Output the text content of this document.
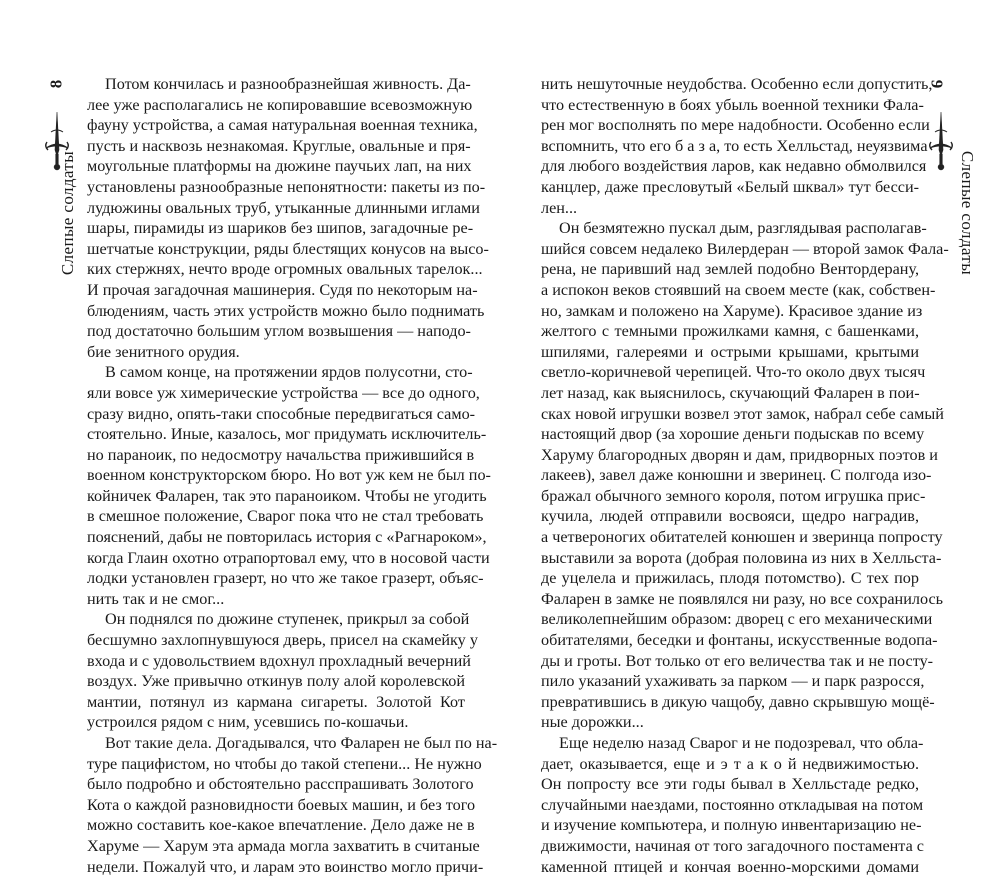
8
Слепые солдаты
Потом кончилась и разнообразнейшая живность. Да-
лее уже располагались не копировавшие всевозможную
фауну устройства, а самая натуральная военная техника,
пусть и насквозь незнакомая. Круглые, овальные и пря-
моугольные платформы на дюжине паучьих лап, на них
установлены разнообразные непонятности: пакеты из по-
лудюжины овальных труб, утыканные длинными иглами
шары, пирамиды из шариков без шипов, загадочные ре-
шетчатые конструкции, ряды блестящих конусов на высо-
ких стержнях, нечто вроде огромных овальных тарелок...
И прочая загадочная машинерия. Судя по некоторым на-
блюдениям, часть этих устройств можно было поднимать
под достаточно большим углом возвышения — наподо-
бие зенитного орудия.
В самом конце, на протяжении ярдов полусотни, сто-
яли вовсе уж химерические устройства — все до одного,
сразу видно, опять-таки способные передвигаться само-
стоятельно. Иные, казалось, мог придумать исключитель-
но параноик, по недосмотру начальства прижившийся в
военном конструкторском бюро. Но вот уж кем не был по-
койничек Фаларен, так это параноиком. Чтобы не угодить
в смешное положение, Сварог пока что не стал требовать
пояснений, дабы не повторилась история с «Рагнароком»,
когда Глаин охотно отрапортовал ему, что в носовой части
лодки установлен гразерт, но что же такое гразерт, объяс-
нить так и не смог...
Он поднялся по дюжине ступенек, прикрыл за собой
бесшумно захлопнувшуюся дверь, присел на скамейку у
входа и с удовольствием вдохнул прохладный вечерний
воздух. Уже привычно откинув полу алой королевской
мантии, потянул из кармана сигареты. Золотой Кот
устроился рядом с ним, усевшись по-кошачьи.
Вот такие дела. Догадывался, что Фаларен не был по на-
туре пацифистом, но чтобы до такой степени... Не нужно
было подробно и обстоятельно расспрашивать Золотого
Кота о каждой разновидности боевых машин, и без того
можно составить кое-какое впечатление. Дело даже не в
Харуме — Харум эта армада могла захватить в считаные
недели. Пожалуй что, и ларам это воинство могло причи-
9
Слепые солдаты
нить нешуточные неудобства. Особенно если допустить,
что естественную в боях убыль военной техники Фала-
рен мог восполнять по мере надобности. Особенно если
вспомнить, что его б а з а, то есть Хелльстад, неуязвима
для любого воздействия ларов, как недавно обмолвился
канцлер, даже пресловутый «Белый шквал» тут бесси-
лен...
Он безмятежно пускал дым, разглядывая располагав-
шийся совсем недалеко Вилердеран — второй замок Фала-
рена, не паривший над землей подобно Вентордерану,
а испокон веков стоявший на своем месте (как, собствен-
но, замкам и положено на Харуме). Красивое здание из
желтого с темными прожилками камня, с башенками,
шпилями, галереями и острыми крышами, крытыми
светло-коричневой черепицей. Что-то около двух тысяч
лет назад, как выяснилось, скучающий Фаларен в пои-
сках новой игрушки возвел этот замок, набрал себе самый
настоящий двор (за хорошие деньги подыскав по всему
Харуму благородных дворян и дам, придворных поэтов и
лакеев), завел даже конюшни и зверинец. С полгода изо-
бражал обычного земного короля, потом игрушка прис-
кучила, людей отправили восвояси, щедро наградив,
а четвероногих обитателей конюшен и зверинца попросту
выставили за ворота (добрая половина из них в Хелльста-
де уцелела и прижилась, плодя потомство). С тех пор
Фаларен в замке не появлялся ни разу, но все сохранилось
великолепнейшим образом: дворец с его механическими
обитателями, беседки и фонтаны, искусственные водопа-
ды и гроты. Вот только от его величества так и не посту-
пило указаний ухаживать за парком — и парк разросся,
превратившись в дикую чащобу, давно скрывшую мощё-
ные дорожки...
Еще неделю назад Сварог и не подозревал, что обла-
дает, оказывается, еще и э т а к о й недвижимостью.
Он попросту все эти годы бывал в Хелльстаде редко,
случайными наездами, постоянно откладывая на потом
и изучение компьютера, и полную инвентаризацию не-
движимости, начиная от того загадочного постамента с
каменной птицей и кончая военно-морскими домами
